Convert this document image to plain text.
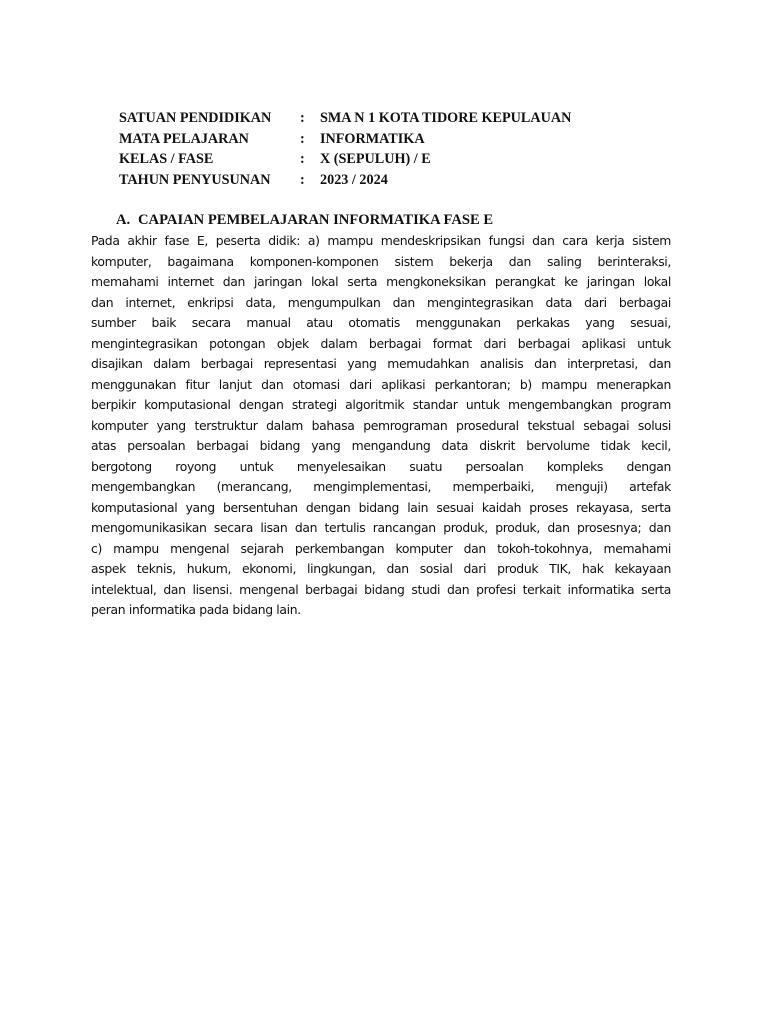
SATUAN PENDIDIKAN	:	SMA N 1 KOTA TIDORE KEPULAUAN
MATA PELAJARAN	:	INFORMATIKA
KELAS / FASE	:	X (SEPULUH) / E
TAHUN PENYUSUNAN	:	2023 / 2024
A. CAPAIAN PEMBELAJARAN INFORMATIKA FASE E
Pada akhir fase E, peserta didik: a) mampu mendeskripsikan fungsi dan cara kerja sistem
komputer, bagaimana komponen-komponen sistem bekerja dan saling berinteraksi,
memahami internet dan jaringan lokal serta mengkoneksikan perangkat ke jaringan lokal
dan internet, enkripsi data, mengumpulkan dan mengintegrasikan data dari berbagai
sumber baik secara manual atau otomatis menggunakan perkakas yang sesuai,
mengintegrasikan potongan objek dalam berbagai format dari berbagai aplikasi untuk
disajikan dalam berbagai representasi yang memudahkan analisis dan interpretasi, dan
menggunakan fitur lanjut dan otomasi dari aplikasi perkantoran; b) mampu menerapkan
berpikir komputasional dengan strategi algoritmik standar untuk mengembangkan program
komputer yang terstruktur dalam bahasa pemrograman prosedural tekstual sebagai solusi
atas persoalan berbagai bidang yang mengandung data diskrit bervolume tidak kecil,
bergotong royong untuk menyelesaikan suatu persoalan kompleks dengan
mengembangkan (merancang, mengimplementasi, memperbaiki, menguji) artefak
komputasional yang bersentuhan dengan bidang lain sesuai kaidah proses rekayasa, serta
mengomunikasikan secara lisan dan tertulis rancangan produk, produk, dan prosesnya; dan
c) mampu mengenal sejarah perkembangan komputer dan tokoh-tokohnya, memahami
aspek teknis, hukum, ekonomi, lingkungan, dan sosial dari produk TIK, hak kekayaan
intelektual, dan lisensi. mengenal berbagai bidang studi dan profesi terkait informatika serta
peran informatika pada bidang lain.
